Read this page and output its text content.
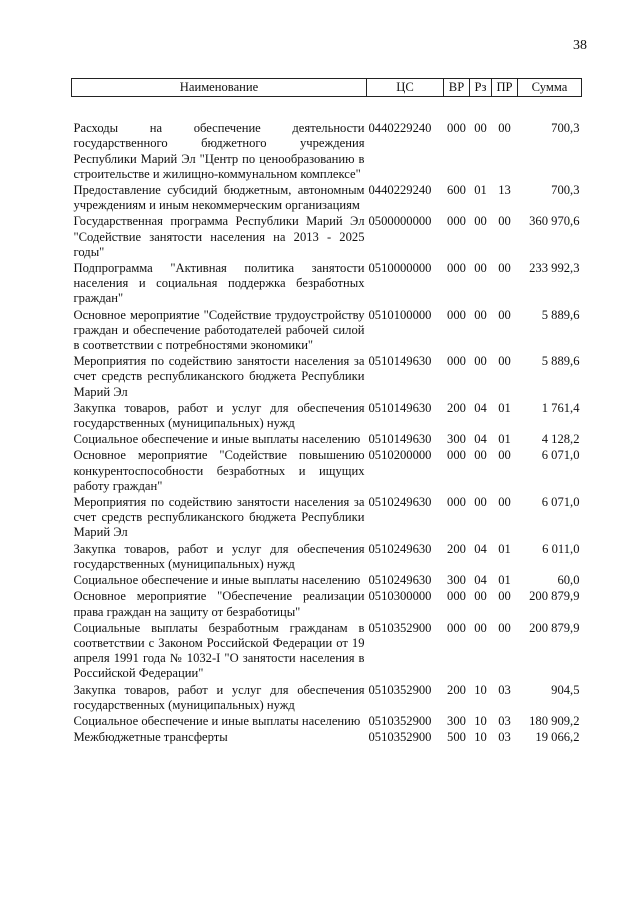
38
Наименование	ЦС	ВР	Рз	ПР	Сумма
Расходы на обеспечение деятельности государственного бюджетного учреждения Республики Марий Эл "Центр по ценообразованию в строительстве и жилищно-коммунальном комплексе"	0440229240	000	00	00	700,3
Предоставление субсидий бюджетным, автономным учреждениям и иным некоммерческим организациям	0440229240	600	01	13	700,3
Государственная программа Республики Марий Эл "Содействие занятости населения на 2013 - 2025 годы"	0500000000	000	00	00	360 970,6
Подпрограмма "Активная политика занятости населения и социальная поддержка безработных граждан"	0510000000	000	00	00	233 992,3
Основное мероприятие "Содействие трудоустройству граждан и обеспечение работодателей рабочей силой в соответствии с потребностями экономики"	0510100000	000	00	00	5 889,6
Мероприятия по содействию занятости населения за счет средств республиканского бюджета Республики Марий Эл	0510149630	000	00	00	5 889,6
Закупка товаров, работ и услуг для обеспечения государственных (муниципальных) нужд	0510149630	200	04	01	1 761,4
Социальное обеспечение и иные выплаты населению	0510149630	300	04	01	4 128,2
Основное мероприятие "Содействие повышению конкурентоспособности безработных и ищущих работу граждан"	0510200000	000	00	00	6 071,0
Мероприятия по содействию занятости населения за счет средств республиканского бюджета Республики Марий Эл	0510249630	000	00	00	6 071,0
Закупка товаров, работ и услуг для обеспечения государственных (муниципальных) нужд	0510249630	200	04	01	6 011,0
Социальное обеспечение и иные выплаты населению	0510249630	300	04	01	60,0
Основное мероприятие "Обеспечение реализации права граждан на защиту от безработицы"	0510300000	000	00	00	200 879,9
Социальные выплаты безработным гражданам в соответствии с Законом Российской Федерации от 19 апреля 1991 года № 1032-I "О занятости населения в Российской Федерации"	0510352900	000	00	00	200 879,9
Закупка товаров, работ и услуг для обеспечения государственных (муниципальных) нужд	0510352900	200	10	03	904,5
Социальное обеспечение и иные выплаты населению	0510352900	300	10	03	180 909,2
Межбюджетные трансферты	0510352900	500	10	03	19 066,2
